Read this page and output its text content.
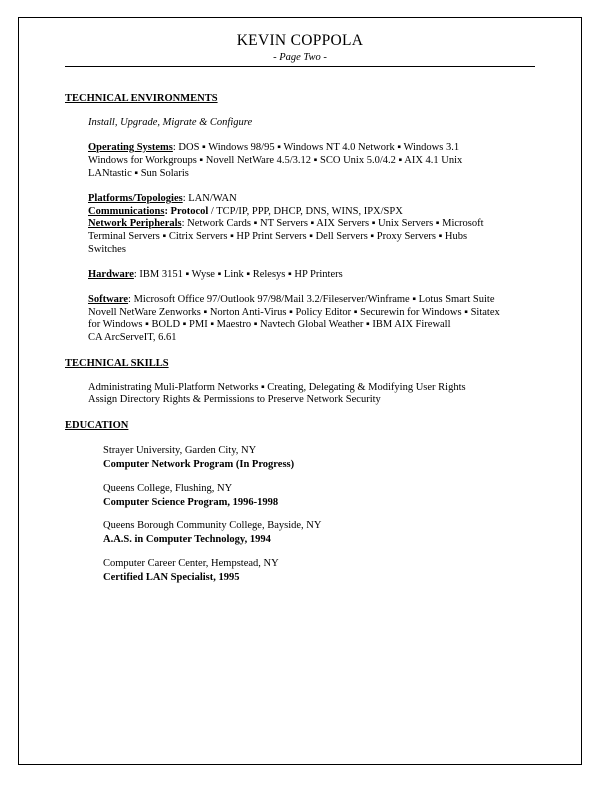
KEVIN COPPOLA
- Page Two -
TECHNICAL ENVIRONMENTS
Install, Upgrade, Migrate & Configure
Operating Systems: DOS ▪ Windows 98/95 ▪ Windows NT 4.0 Network ▪ Windows 3.1
Windows for Workgroups ▪ Novell NetWare 4.5/3.12 ▪ SCO Unix 5.0/4.2 ▪ AIX 4.1 Unix
LANtastic ▪ Sun Solaris
Platforms/Topologies: LAN/WAN
Communications: Protocol / TCP/IP, PPP, DHCP, DNS, WINS, IPX/SPX
Network Peripherals: Network Cards ▪ NT Servers ▪ AIX Servers ▪ Unix Servers ▪ Microsoft
Terminal Servers ▪ Citrix Servers ▪ HP Print Servers ▪ Dell Servers ▪ Proxy Servers ▪ Hubs
Switches
Hardware: IBM 3151 ▪ Wyse ▪ Link ▪ Relesys ▪ HP Printers
Software: Microsoft Office 97/Outlook 97/98/Mail 3.2/Fileserver/Winframe ▪ Lotus Smart Suite
Novell NetWare Zenworks ▪ Norton Anti-Virus ▪ Policy Editor ▪ Securewin for Windows ▪ Sitatex
for Windows ▪ BOLD ▪ PMI ▪ Maestro ▪ Navtech Global Weather ▪ IBM AIX Firewall
CA ArcServeIT, 6.61
TECHNICAL SKILLS
Administrating Muli-Platform Networks ▪ Creating, Delegating & Modifying User Rights
Assign Directory Rights & Permissions to Preserve Network Security
EDUCATION
Strayer University, Garden City, NY
Computer Network Program (In Progress)
Queens College, Flushing, NY
Computer Science Program, 1996-1998
Queens Borough Community College, Bayside, NY
A.A.S. in Computer Technology, 1994
Computer Career Center, Hempstead, NY
Certified LAN Specialist, 1995
